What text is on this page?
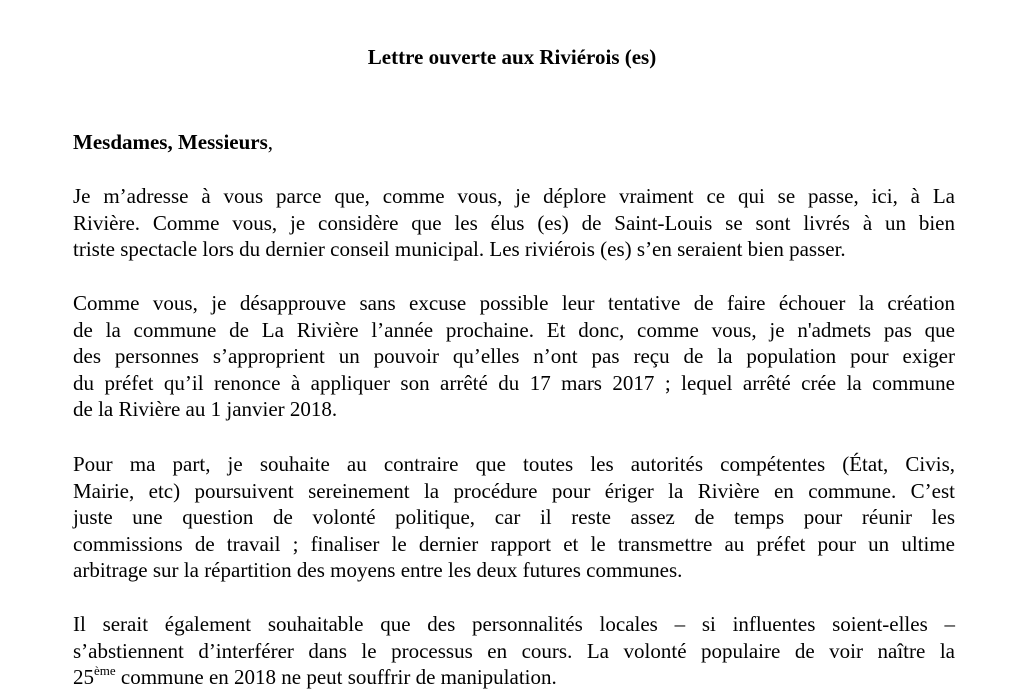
Lettre ouverte aux Riviérois (es)

Mesdames, Messieurs,

Je m’adresse à vous parce que, comme vous, je déplore vraiment ce qui se passe, ici, à La
Rivière. Comme vous, je considère que les élus (es) de Saint-Louis se sont livrés à un bien
triste spectacle lors du dernier conseil municipal. Les riviérois (es) s’en seraient bien passer.

Comme vous, je désapprouve sans excuse possible leur tentative de faire échouer la création
de la commune de La Rivière l’année prochaine. Et donc, comme vous, je n'admets pas que
des personnes s’approprient un pouvoir qu’elles n’ont pas reçu de la population pour exiger
du préfet qu’il renonce à appliquer son arrêté du 17 mars 2017 ; lequel arrêté crée la commune
de la Rivière au 1 janvier 2018.

Pour ma part, je souhaite au contraire que toutes les autorités compétentes (État, Civis,
Mairie, etc) poursuivent sereinement la procédure pour ériger la Rivière en commune. C’est
juste une question de volonté politique, car il reste assez de temps pour réunir les
commissions de travail ; finaliser le dernier rapport et le transmettre au préfet pour un ultime
arbitrage sur la répartition des moyens entre les deux futures communes.

Il serait également souhaitable que des personnalités locales – si influentes soient-elles –
s’abstiennent d’interférer dans le processus en cours. La volonté populaire de voir naître la
25ème commune en 2018 ne peut souffrir de manipulation.
